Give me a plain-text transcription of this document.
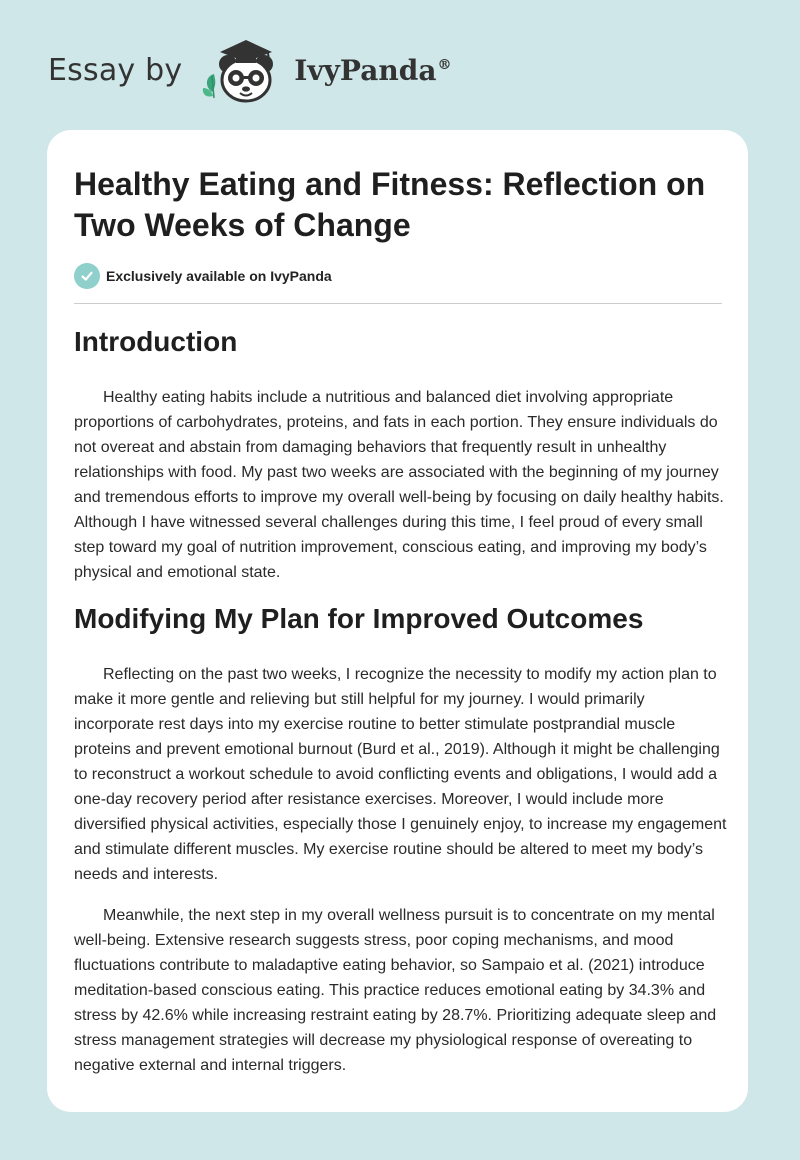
Essay by	IvyPanda®
Healthy Eating and Fitness: Reflection on Two Weeks of Change
Exclusively available on IvyPanda
Introduction

Healthy eating habits include a nutritious and balanced diet involving appropriate proportions of carbohydrates, proteins, and fats in each portion. They ensure individuals do not overeat and abstain from damaging behaviors that frequently result in unhealthy relationships with food. My past two weeks are associated with the beginning of my journey and tremendous efforts to improve my overall well-being by focusing on daily healthy habits. Although I have witnessed several challenges during this time, I feel proud of every small step toward my goal of nutrition improvement, conscious eating, and improving my body’s physical and emotional state.

Modifying My Plan for Improved Outcomes

Reflecting on the past two weeks, I recognize the necessity to modify my action plan to make it more gentle and relieving but still helpful for my journey. I would primarily incorporate rest days into my exercise routine to better stimulate postprandial muscle proteins and prevent emotional burnout (Burd et al., 2019). Although it might be challenging to reconstruct a workout schedule to avoid conflicting events and obligations, I would add a one-day recovery period after resistance exercises. Moreover, I would include more diversified physical activities, especially those I genuinely enjoy, to increase my engagement and stimulate different muscles. My exercise routine should be altered to meet my body’s needs and interests.

Meanwhile, the next step in my overall wellness pursuit is to concentrate on my mental well-being. Extensive research suggests stress, poor coping mechanisms, and mood fluctuations contribute to maladaptive eating behavior, so Sampaio et al. (2021) introduce meditation-based conscious eating. This practice reduces emotional eating by 34.3% and stress by 42.6% while increasing restraint eating by 28.7%. Prioritizing adequate sleep and stress management strategies will decrease my physiological response of overeating to negative external and internal triggers.
